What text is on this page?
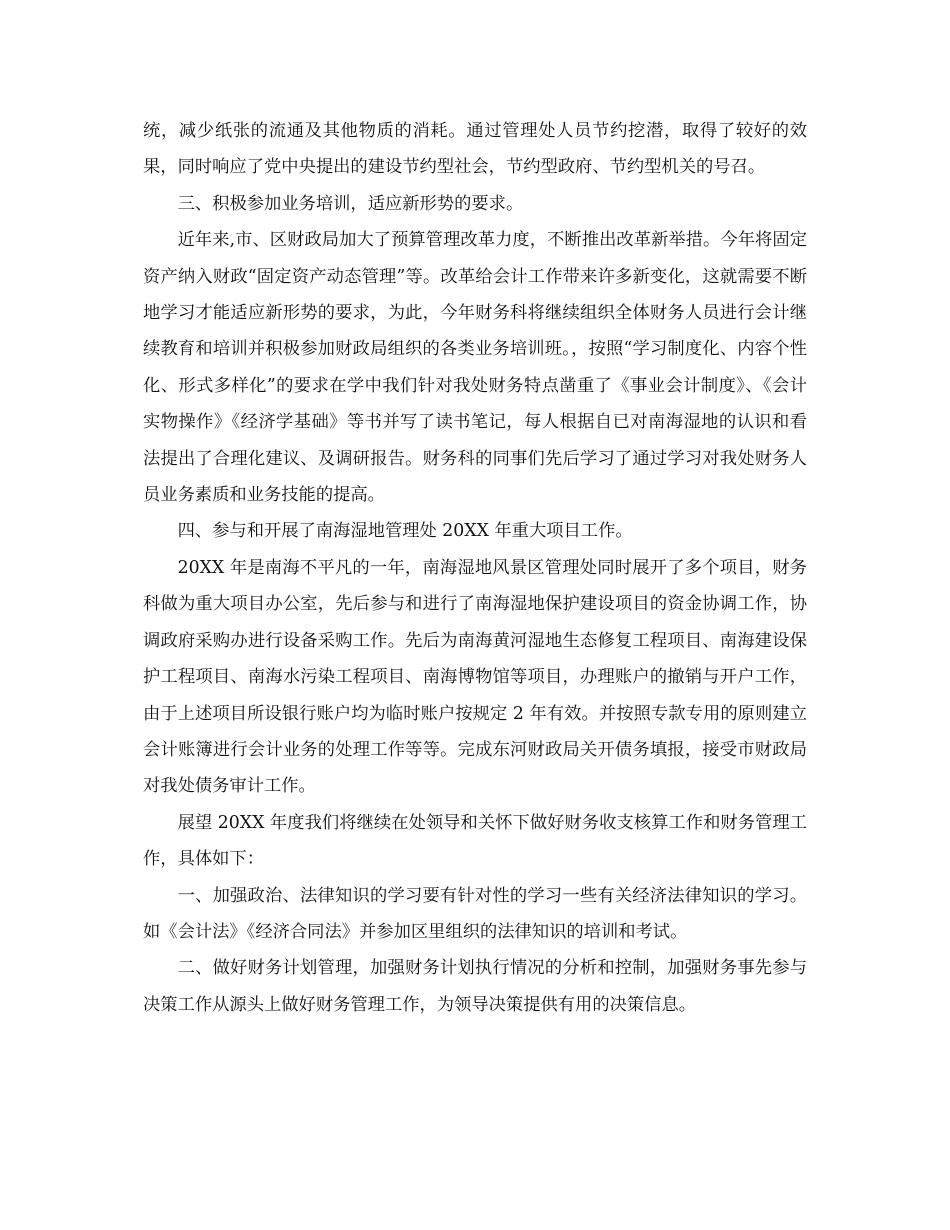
统，减少纸张的流通及其他物质的消耗。通过管理处人员节约挖潜，取得了较好的效果，同时响应了党中央提出的建设节约型社会，节约型政府、节约型机关的号召。

三、积极参加业务培训，适应新形势的要求。

近年来,市、区财政局加大了预算管理改革力度，不断推出改革新举措。今年将固定资产纳入财政“固定资产动态管理”等。改革给会计工作带来许多新变化，这就需要不断地学习才能适应新形势的要求，为此，今年财务科将继续组织全体财务人员进行会计继续教育和培训并积极参加财政局组织的各类业务培训班。，按照“学习制度化、内容个性化、形式多样化”的要求在学中我们针对我处财务特点凿重了《事业会计制度》、《会计实物操作》《经济学基础》等书并写了读书笔记，每人根据自已对南海湿地的认识和看法提出了合理化建议、及调研报告。财务科的同事们先后学习了通过学习对我处财务人员业务素质和业务技能的提高。

四、参与和开展了南海湿地管理处 20XX 年重大项目工作。

20XX 年是南海不平凡的一年，南海湿地风景区管理处同时展开了多个项目，财务科做为重大项目办公室，先后参与和进行了南海湿地保护建设项目的资金协调工作，协调政府采购办进行设备采购工作。先后为南海黄河湿地生态修复工程项目、南海建设保护工程项目、南海水污染工程项目、南海博物馆等项目，办理账户的撤销与开户工作，由于上述项目所设银行账户均为临时账户按规定 2 年有效。并按照专款专用的原则建立会计账簿进行会计业务的处理工作等等。完成东河财政局关开债务填报，接受市财政局对我处债务审计工作。

展望 20XX 年度我们将继续在处领导和关怀下做好财务收支核算工作和财务管理工作，具体如下：

一、加强政治、法律知识的学习要有针对性的学习一些有关经济法律知识的学习。如《会计法》《经济合同法》并参加区里组织的法律知识的培训和考试。

二、做好财务计划管理，加强财务计划执行情况的分析和控制，加强财务事先参与决策工作从源头上做好财务管理工作，为领导决策提供有用的决策信息。
